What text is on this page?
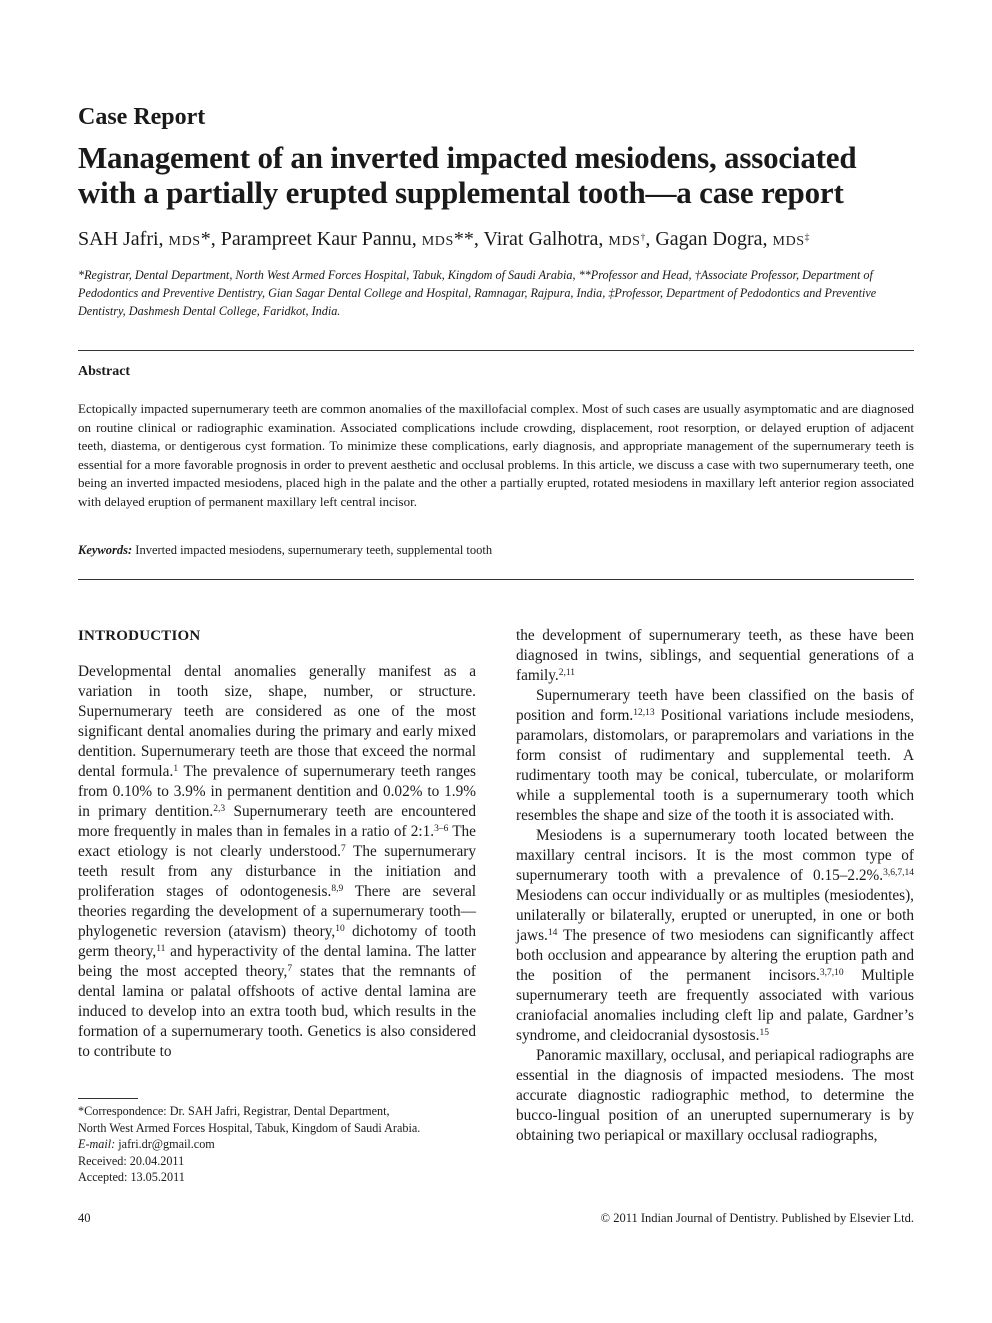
Case Report
Management of an inverted impacted mesiodens, associated with a partially erupted supplemental tooth—a case report
SAH Jafri, MDS*, Parampreet Kaur Pannu, MDS**, Virat Galhotra, MDS†, Gagan Dogra, MDS‡
*Registrar, Dental Department, North West Armed Forces Hospital, Tabuk, Kingdom of Saudi Arabia, **Professor and Head, †Associate Professor, Department of Pedodontics and Preventive Dentistry, Gian Sagar Dental College and Hospital, Ramnagar, Rajpura, India, ‡Professor, Department of Pedodontics and Preventive Dentistry, Dashmesh Dental College, Faridkot, India.
Abstract
Ectopically impacted supernumerary teeth are common anomalies of the maxillofacial complex. Most of such cases are usually asymptomatic and are diagnosed on routine clinical or radiographic examination. Associated complications include crowding, displacement, root resorption, or delayed eruption of adjacent teeth, diastema, or dentigerous cyst formation. To minimize these complications, early diagnosis, and appropriate management of the supernumerary teeth is essential for a more favorable prognosis in order to prevent aesthetic and occlusal problems. In this article, we discuss a case with two supernumerary teeth, one being an inverted impacted mesiodens, placed high in the palate and the other a partially erupted, rotated mesiodens in maxillary left anterior region associated with delayed eruption of permanent maxillary left central incisor.
Keywords: Inverted impacted mesiodens, supernumerary teeth, supplemental tooth
INTRODUCTION

Developmental dental anomalies generally manifest as a variation in tooth size, shape, number, or structure. Supernumerary teeth are considered as one of the most significant dental anomalies during the primary and early mixed dentition. Supernumerary teeth are those that exceed the normal dental formula.$^1$ The prevalence of supernumerary teeth ranges from 0.10% to 3.9% in permanent dentition and 0.02% to 1.9% in primary dentition.$^{2,3}$ Supernumerary teeth are encountered more frequently in males than in females in a ratio of 2:1.$^{3-6}$ The exact etiology is not clearly understood.$^7$ The supernumerary teeth result from any disturbance in the initiation and proliferation stages of odontogenesis.$^{8,9}$ There are several theories regarding the development of a supernumerary tooth—phylogenetic reversion (atavism) theory,$^{10}$ dichotomy of tooth germ theory,$^{11}$ and hyperactivity of the dental lamina. The latter being the most accepted theory,$^7$ states that the remnants of dental lamina or palatal offshoots of active dental lamina are induced to develop into an extra tooth bud, which results in the formation of a supernumerary tooth. Genetics is also considered to contribute to

the development of supernumerary teeth, as these have been diagnosed in twins, siblings, and sequential generations of a family.$^{2,11}$

Supernumerary teeth have been classified on the basis of position and form.$^{12,13}$ Positional variations include mesiodens, paramolars, distomolars, or parapremolars and variations in the form consist of rudimentary and supplemental teeth. A rudimentary tooth may be conical, tuberculate, or molariform while a supplemental tooth is a supernumerary tooth which resembles the shape and size of the tooth it is associated with.

Mesiodens is a supernumerary tooth located between the maxillary central incisors. It is the most common type of supernumerary tooth with a prevalence of 0.15–2.2%.$^{3,6,7,14}$ Mesiodens can occur individually or as multiples (mesiodentes), unilaterally or bilaterally, erupted or unerupted, in one or both jaws.$^{14}$ The presence of two mesiodens can significantly affect both occlusion and appearance by altering the eruption path and the position of the permanent incisors.$^{3,7,10}$ Multiple supernumerary teeth are frequently associated with various craniofacial anomalies including cleft lip and palate, Gardner’s syndrome, and cleidocranial dysostosis.$^{15}$

Panoramic maxillary, occlusal, and periapical radiographs are essential in the diagnosis of impacted mesiodens. The most accurate diagnostic radiographic method, to determine the bucco-lingual position of an unerupted supernumerary is by obtaining two periapical or maxillary occlusal radiographs,

*Correspondence: Dr. SAH Jafri, Registrar, Dental Department,
North West Armed Forces Hospital, Tabuk, Kingdom of Saudi Arabia.
E-mail: jafri.dr@gmail.com
Received: 20.04.2011
Accepted: 13.05.2011
40	© 2011 Indian Journal of Dentistry. Published by Elsevier Ltd.
